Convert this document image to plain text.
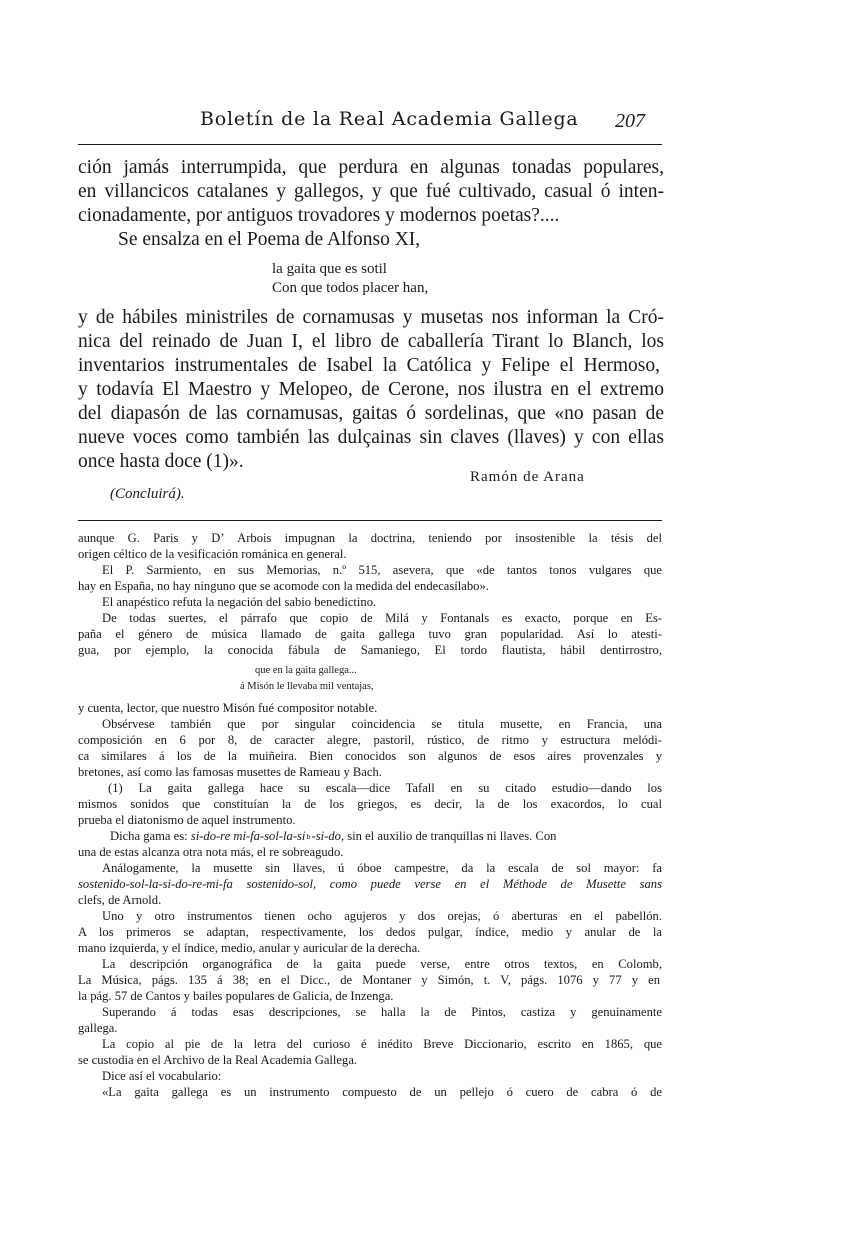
Boletín de la Real Academia Gallega 207
ción jamás interrumpida, que perdura en algunas tonadas populares,
en villancicos catalanes y gallegos, y que fué cultivado, casual ó inten-
cionadamente, por antiguos trovadores y modernos poetas?....
Se ensalza en el Poema de Alfonso XI,
la gaita que es sotil
Con que todos placer han,
y de hábiles ministriles de cornamusas y musetas nos informan la Cró-
nica del reinado de Juan I, el libro de caballería Tirant lo Blanch, los
inventarios instrumentales de Isabel la Católica y Felipe el Hermoso,
y todavía El Maestro y Melopeo, de Cerone, nos ilustra en el extremo
del diapasón de las cornamusas, gaitas ó sordelinas, que «no pasan de
nueve voces como también las dulçainas sin claves (llaves) y con ellas
once hasta doce (1)».
Ramón de Arana
(Concluirá).
aunque G. Paris y Dʼ Arbois impugnan la doctrina, teniendo por insostenible la tésis del
origen céltico de la vesificación románica en general.
El P. Sarmiento, en sus Memorias, n.º 515, asevera, que «de tantos tonos vulgares que
hay en España, no hay ninguno que se acomode con la medida del endecasílabo».
El anapéstico refuta la negación del sabio benedictino.
De todas suertes, el párrafo que copio de Milá y Fontanals es exacto, porque en Es-
paña el género de música llamado de gaita gallega tuvo gran popularidad. Así lo atesti-
gua, por ejemplo, la conocida fábula de Samaniego, El tordo flautista, hábil dentirrostro,
que en la gaita gallega...
á Misón le llevaba mil ventajas,
y cuenta, lector, que nuestro Misón fué compositor notable.
Obsérvese también que por singular coincidencia se titula musette, en Francia, una
composición en 6 por 8, de caracter alegre, pastoril, rústico, de ritmo y estructura melódi-
ca similares á los de la muiñeira. Bien conocidos son algunos de esos aires provenzales y
bretones, así como las famosas musettes de Rameau y Bach.
(1) La gaita gallega hace su escala—dice Tafall en su citado estudio—dando los
mismos sonidos que constituían la de los griegos, es decir, la de los exacordos, lo cual
prueba el diatonismo de aquel instrumento.
Dicha gama es: si-do-re mi-fa-sol-la-sib-si-do, sin el auxilio de tranquillas ni llaves. Con
una de estas alcanza otra nota más, el re sobreagudo.
Análogamente, la musette sin llaves, ú óboe campestre, da la escala de sol mayor: fa
sostenido-sol-la-si-do-re-mi-fa sostenido-sol, como puede verse en el Méthode de Musette sans
clefs, de Arnold.
Uno y otro instrumentos tienen ocho agujeros y dos orejas, ó aberturas en el pabellón.
A los primeros se adaptan, respectivamente, los dedos pulgar, índice, medio y anular de la
mano izquierda, y el índice, medio, anular y auricular de la derecha.
La descripción organográfica de la gaita puede verse, entre otros textos, en Colomb,
La Música, págs. 135 á 38; en el Dicc., de Montaner y Simón, t. V, págs. 1076 y 77 y en
la pág. 57 de Cantos y bailes populares de Galicia, de Inzenga.
Superando á todas esas descripciones, se halla la de Pintos, castiza y genuinamente
gallega.
La copio al pie de la letra del curioso é inédito Breve Diccionario, escrito en 1865, que
se custodia en el Archivo de la Real Academia Gallega.
Dice así el vocabulario:
«La gaita gallega es un instrumento compuesto de un pellejo ó cuero de cabra ó de
